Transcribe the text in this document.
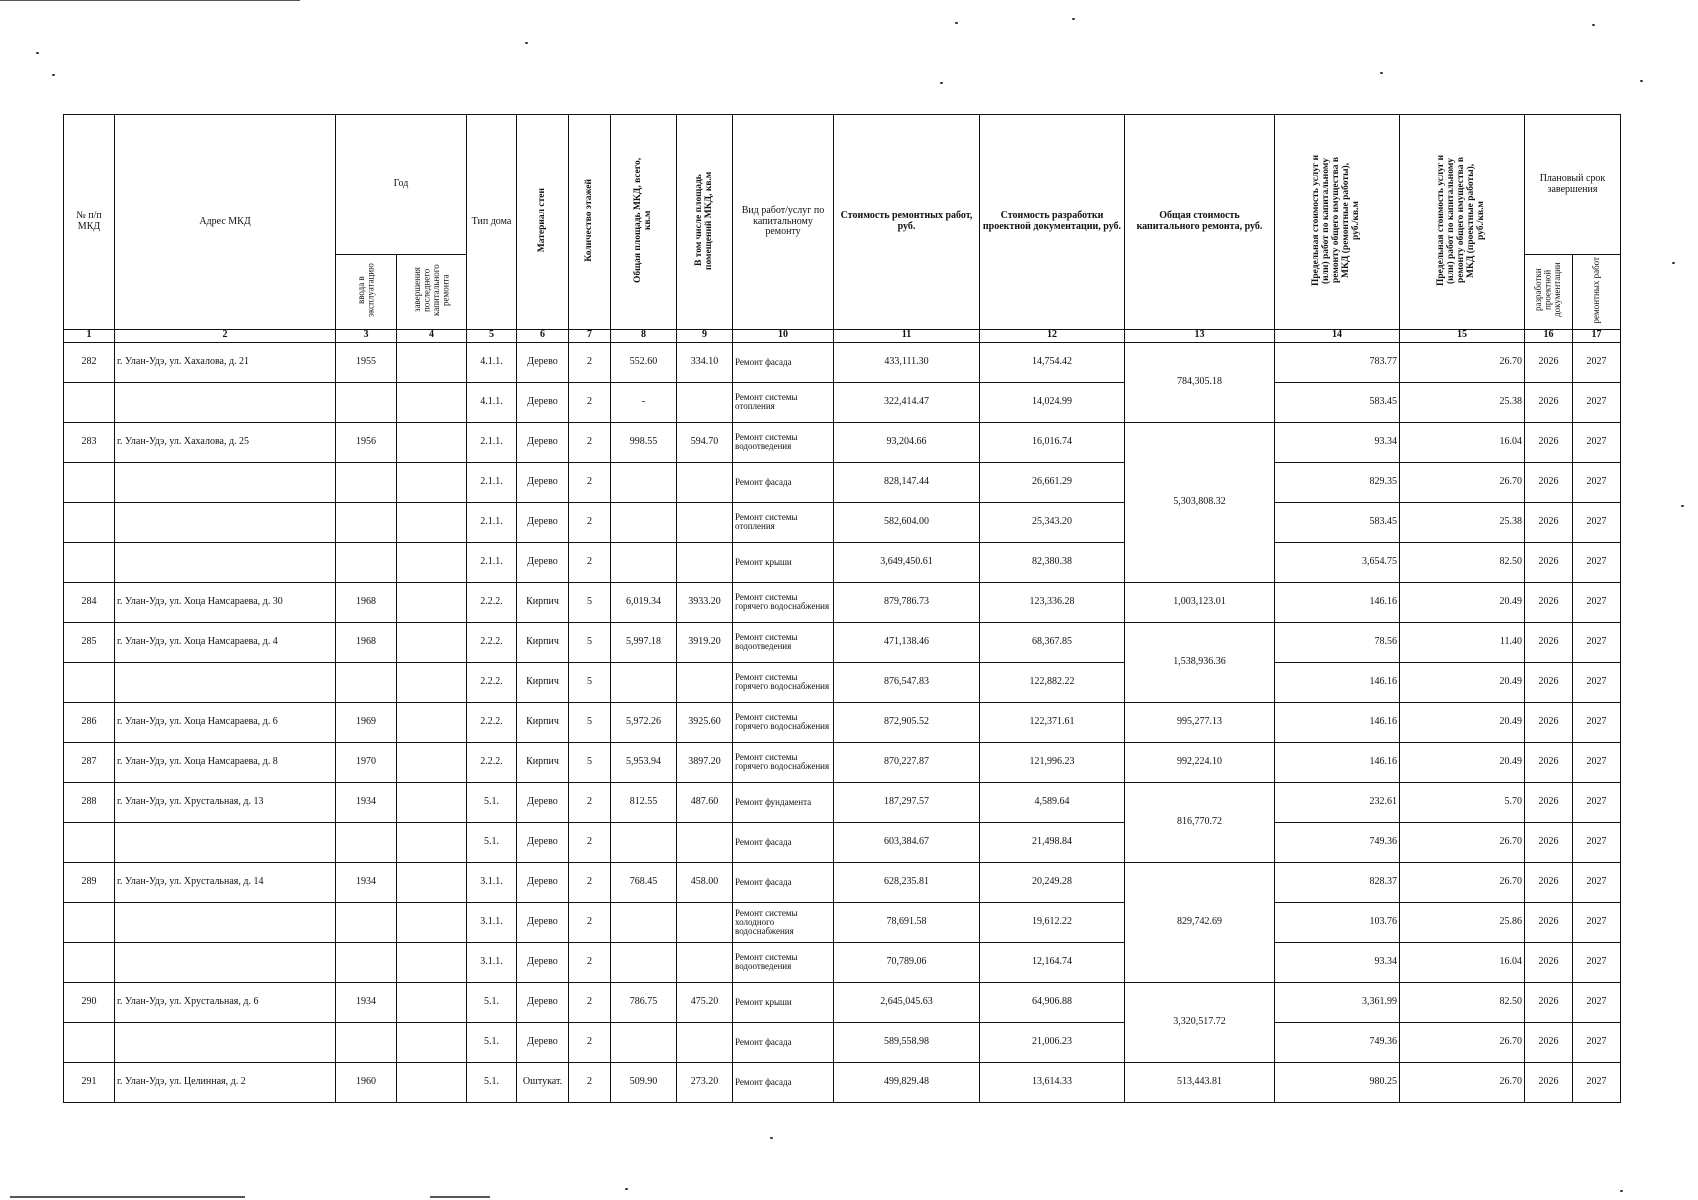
№ п/п МКД	Адрес МКД	Год		Тип дома	Материал стен	Количество этажей	Общая площадь МКД, всего, кв.м	В том числе площадь помещений МКД, кв.м	Вид работ/услуг по капитальному ремонту	Стоимость ремонтных работ, руб.	Стоимость разработки проектной документации, руб.	Общая стоимость капитального ремонта, руб.	Предельная стоимость услуг и (или) работ по капитальному ремонту общего имущества в МКД (ремонтные работы), руб./кв.м	Предельная стоимость услуг и (или) работ по капитальному ремонту общего имущества в МКД (проектные работы), руб./кв.м	Плановый срок завершения	
		ввода в эксплуатацию	завершения последнего капитального ремонта												разработки проектной документации	ремонтных работ
1	2	3	4	5	6	7	8	9	10	11	12	13	14	15	16	17
282	г. Улан-Удэ, ул. Хахалова, д. 21	1955		4.1.1.	Дерево	2	552.60	334.10	Ремонт фасада	433,111.30	14,754.42	784,305.18	783.77	26.70	2026	2027
				4.1.1.	Дерево	2	-		Ремонт системы отопления	322,414.47	14,024.99		583.45	25.38	2026	2027
283	г. Улан-Удэ, ул. Хахалова, д. 25	1956		2.1.1.	Дерево	2	998.55	594.70	Ремонт системы водоотведения	93,204.66	16,016.74	5,303,808.32	93.34	16.04	2026	2027
				2.1.1.	Дерево	2			Ремонт фасада	828,147.44	26,661.29		829.35	26.70	2026	2027
				2.1.1.	Дерево	2			Ремонт системы отопления	582,604.00	25,343.20		583.45	25.38	2026	2027
				2.1.1.	Дерево	2			Ремонт крыши	3,649,450.61	82,380.38		3,654.75	82.50	2026	2027
284	г. Улан-Удэ, ул. Хоца Намсараева, д. 30	1968		2.2.2.	Кирпич	5	6,019.34	3933.20	Ремонт системы горячего водоснабжения	879,786.73	123,336.28	1,003,123.01	146.16	20.49	2026	2027
285	г. Улан-Удэ, ул. Хоца Намсараева, д. 4	1968		2.2.2.	Кирпич	5	5,997.18	3919.20	Ремонт системы водоотведения	471,138.46	68,367.85	1,538,936.36	78.56	11.40	2026	2027
				2.2.2.	Кирпич	5			Ремонт системы горячего водоснабжения	876,547.83	122,882.22		146.16	20.49	2026	2027
286	г. Улан-Удэ, ул. Хоца Намсараева, д. 6	1969		2.2.2.	Кирпич	5	5,972.26	3925.60	Ремонт системы горячего водоснабжения	872,905.52	122,371.61	995,277.13	146.16	20.49	2026	2027
287	г. Улан-Удэ, ул. Хоца Намсараева, д. 8	1970		2.2.2.	Кирпич	5	5,953.94	3897.20	Ремонт системы горячего водоснабжения	870,227.87	121,996.23	992,224.10	146.16	20.49	2026	2027
288	г. Улан-Удэ, ул. Хрустальная, д. 13	1934		5.1.	Дерево	2	812.55	487.60	Ремонт фундамента	187,297.57	4,589.64	816,770.72	232.61	5.70	2026	2027
				5.1.	Дерево	2			Ремонт фасада	603,384.67	21,498.84		749.36	26.70	2026	2027
289	г. Улан-Удэ, ул. Хрустальная, д. 14	1934		3.1.1.	Дерево	2	768.45	458.00	Ремонт фасада	628,235.81	20,249.28	829,742.69	828.37	26.70	2026	2027
				3.1.1.	Дерево	2			Ремонт системы холодного водоснабжения	78,691.58	19,612.22		103.76	25.86	2026	2027
				3.1.1.	Дерево	2			Ремонт системы водоотведения	70,789.06	12,164.74		93.34	16.04	2026	2027
290	г. Улан-Удэ, ул. Хрустальная, д. 6	1934		5.1.	Дерево	2	786.75	475.20	Ремонт крыши	2,645,045.63	64,906.88	3,320,517.72	3,361.99	82.50	2026	2027
				5.1.	Дерево	2			Ремонт фасада	589,558.98	21,006.23		749.36	26.70	2026	2027
291	г. Улан-Удэ, ул. Целинная, д. 2	1960		5.1.	Оштукат.	2	509.90	273.20	Ремонт фасада	499,829.48	13,614.33	513,443.81	980.25	26.70	2026	2027
